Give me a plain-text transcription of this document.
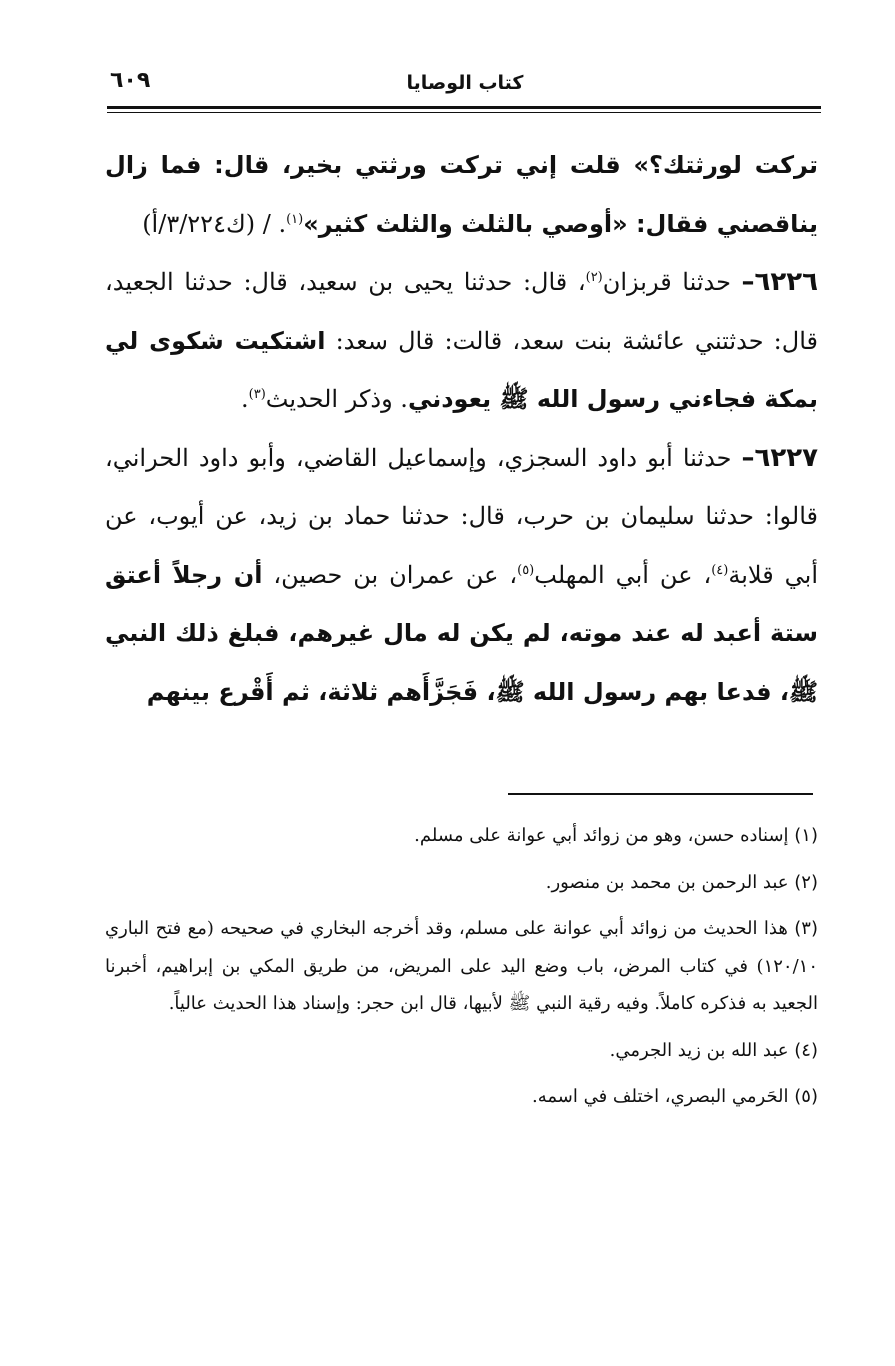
كتاب الوصايا
٦٠٩

تركت لورثتك؟» قلت إني تركت ورثتي بخير، قال: فما زال يناقصني فقال: «أوصي بالثلث والثلث كثير»$^{(١)}$. / (ك٣/٢٢٤/أ)

٦٢٢٦– حدثنا قربزان$^{(٢)}$، قال: حدثنا يحيى بن سعيد، قال: حدثنا الجعيد، قال: حدثتني عائشة بنت سعد، قالت: قال سعد: اشتكيت شكوى لي بمكة فجاءني رسول الله ﷺ يعودني. وذكر الحديث$^{(٣)}$.

٦٢٢٧– حدثنا أبو داود السجزي، وإسماعيل القاضي، وأبو داود الحراني، قالوا: حدثنا سليمان بن حرب، قال: حدثنا حماد بن زيد، عن أيوب، عن أبي قلابة$^{(٤)}$، عن أبي المهلب$^{(٥)}$، عن عمران بن حصين، أن رجلاً أعتق ستة أعبد له عند موته، لم يكن له مال غيرهم، فبلغ ذلك النبي ﷺ، فدعا بهم رسول الله ﷺ، فَجَزَّأَهم ثلاثة، ثم أَقْرع بينهم

(١) إسناده حسن، وهو من زوائد أبي عوانة على مسلم.

(٢) عبد الرحمن بن محمد بن منصور.

(٣) هذا الحديث من زوائد أبي عوانة على مسلم، وقد أخرجه البخاري في صحيحه (مع فتح الباري ١٢٠/١٠) في كتاب المرض، باب وضع اليد على المريض، من طريق المكي بن إبراهيم، أخبرنا الجعيد به فذكره كاملاً. وفيه رقية النبي ﷺ لأبيها، قال ابن حجر: وإسناد هذا الحديث عالياً.

(٤) عبد الله بن زيد الجرمي.

(٥) الحَرمي البصري، اختلف في اسمه.
